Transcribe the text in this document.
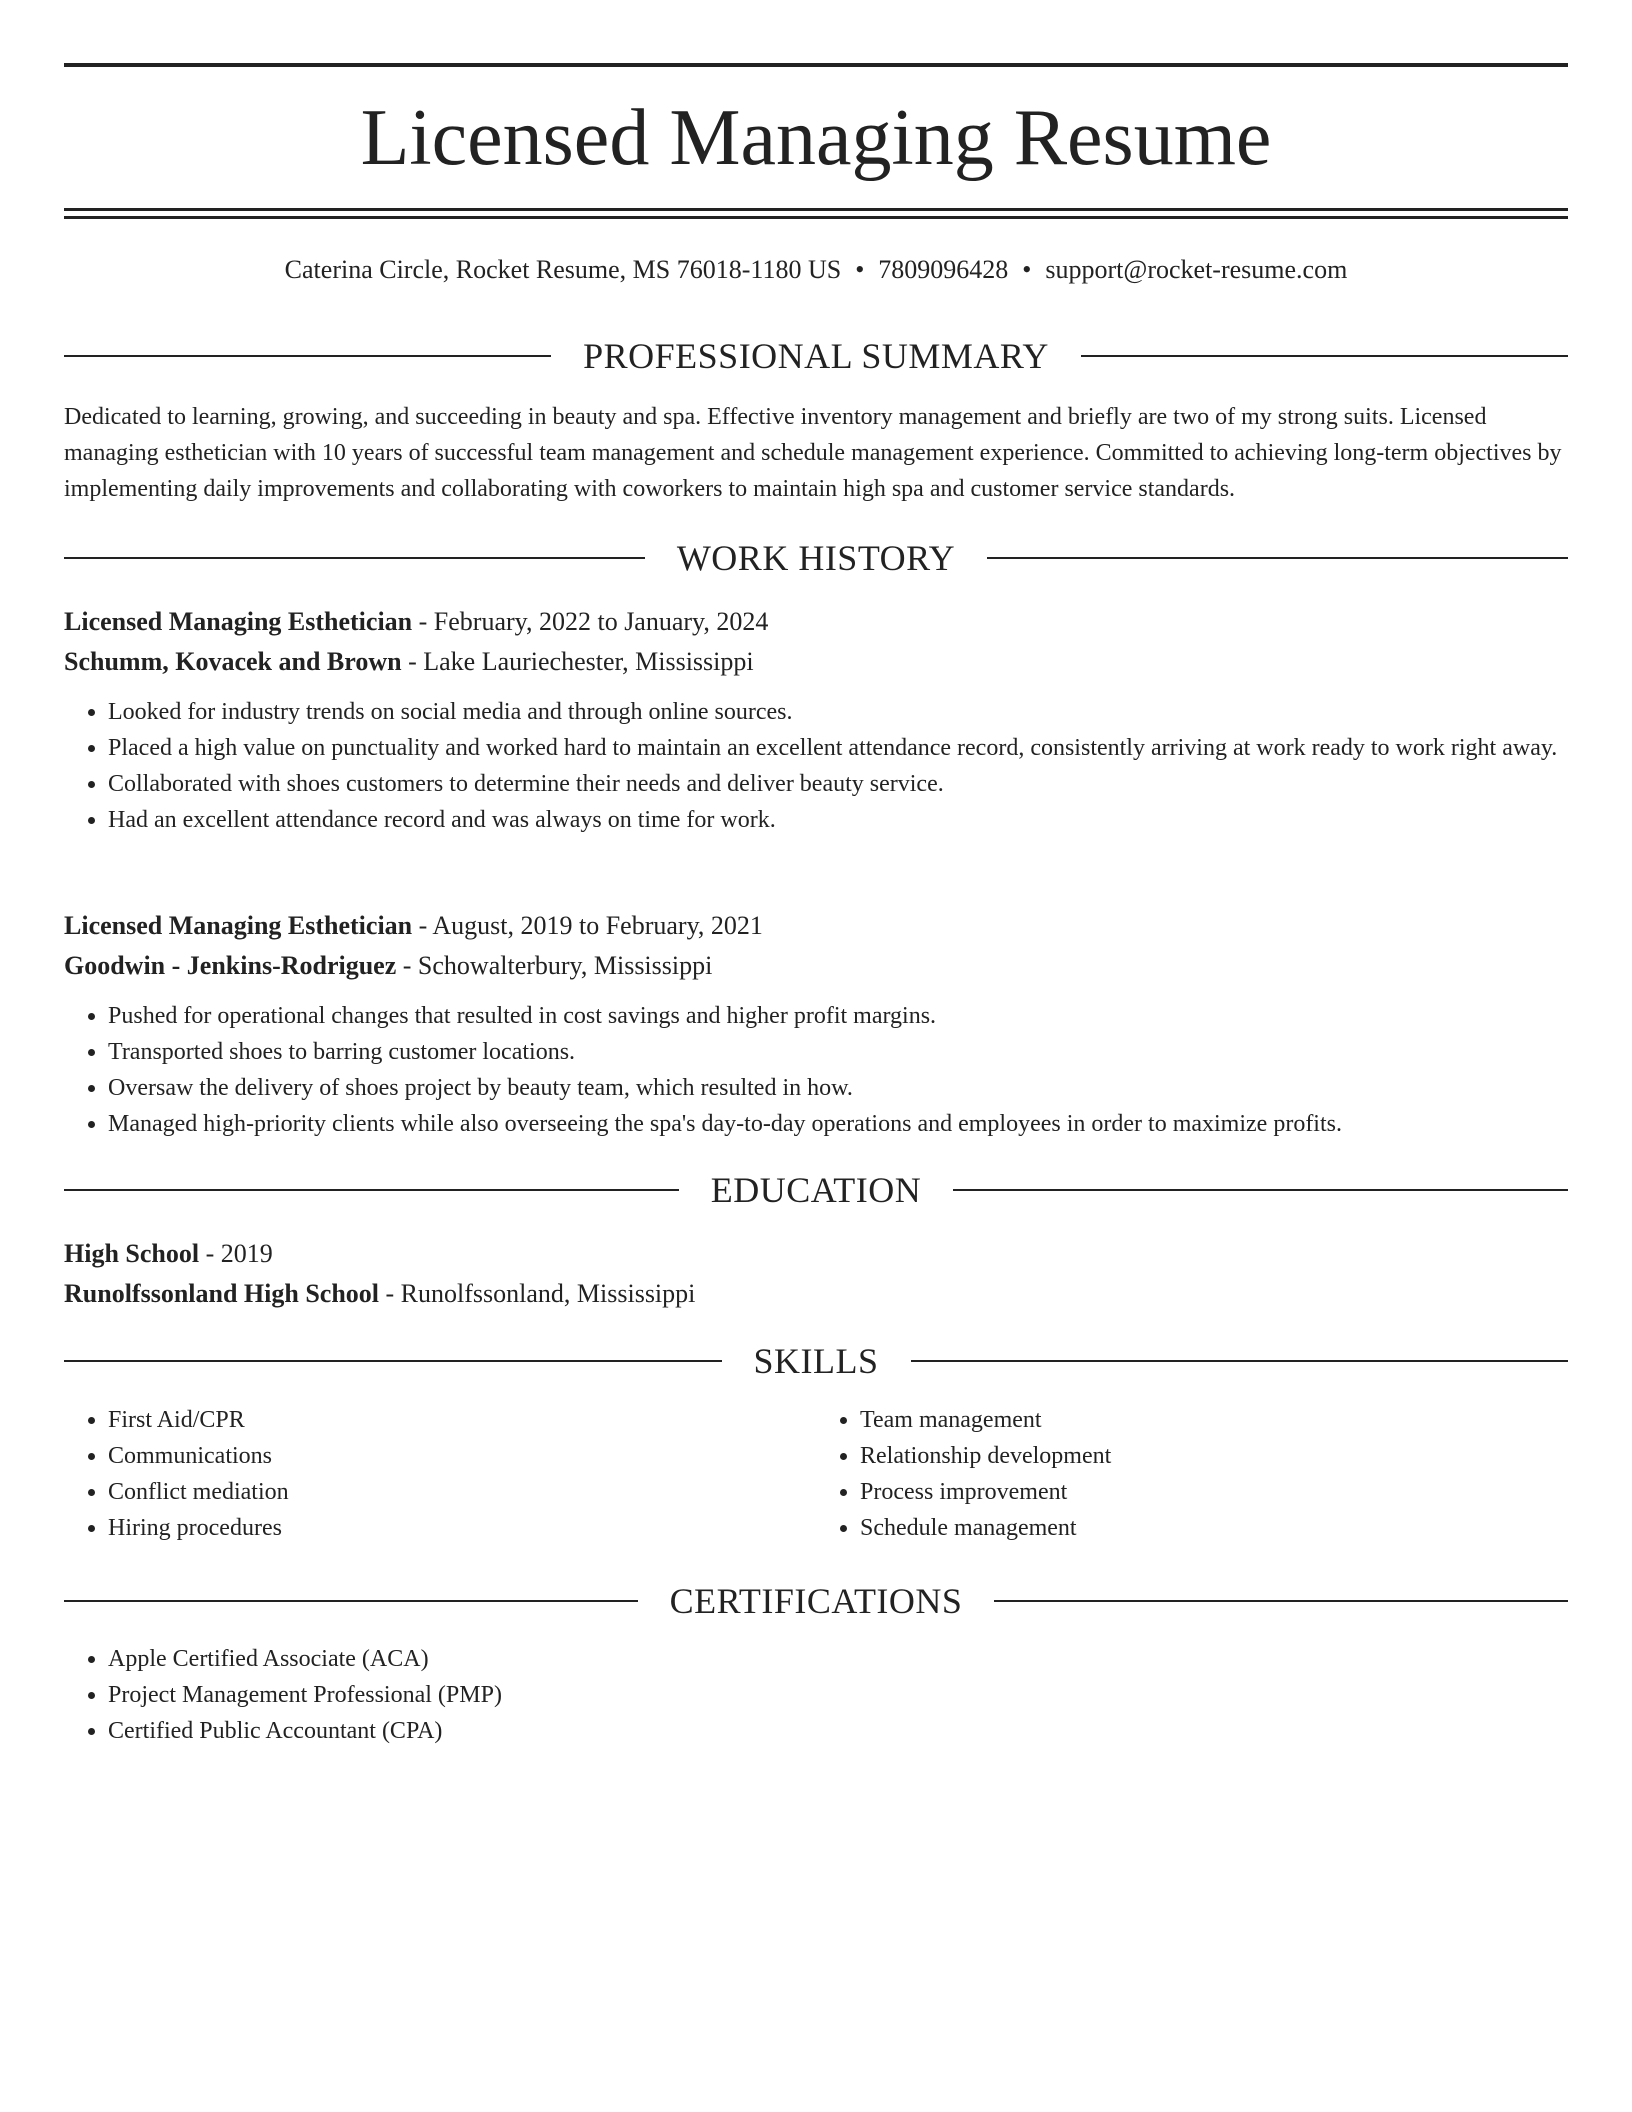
Licensed Managing Resume
Caterina Circle, Rocket Resume, MS 76018-1180 US • 7809096428 • support@rocket-resume.com
PROFESSIONAL SUMMARY

Dedicated to learning, growing, and succeeding in beauty and spa. Effective inventory management and briefly are two of my strong suits. Licensed managing esthetician with 10 years of successful team management and schedule management experience. Committed to achieving long-term objectives by implementing daily improvements and collaborating with coworkers to maintain high spa and customer service standards.

WORK HISTORY

Licensed Managing Esthetician - February, 2022 to January, 2024

Schumm, Kovacek and Brown - Lake Lauriechester, Mississippi

• Looked for industry trends on social media and through online sources.
• Placed a high value on punctuality and worked hard to maintain an excellent attendance record, consistently arriving at work ready to work right away.
• Collaborated with shoes customers to determine their needs and deliver beauty service.
• Had an excellent attendance record and was always on time for work.

Licensed Managing Esthetician - August, 2019 to February, 2021

Goodwin - Jenkins-Rodriguez - Schowalterbury, Mississippi

• Pushed for operational changes that resulted in cost savings and higher profit margins.
• Transported shoes to barring customer locations.
• Oversaw the delivery of shoes project by beauty team, which resulted in how.
• Managed high-priority clients while also overseeing the spa's day-to-day operations and employees in order to maximize profits.
EDUCATION

High School - 2019

Runolfssonland High School - Runolfssonland, Mississippi

SKILLS
• First Aid/CPR
• Communications
• Conflict mediation
• Hiring procedures
• Team management
• Relationship development
• Process improvement
• Schedule management
CERTIFICATIONS
• Apple Certified Associate (ACA)
• Project Management Professional (PMP)
• Certified Public Accountant (CPA)
